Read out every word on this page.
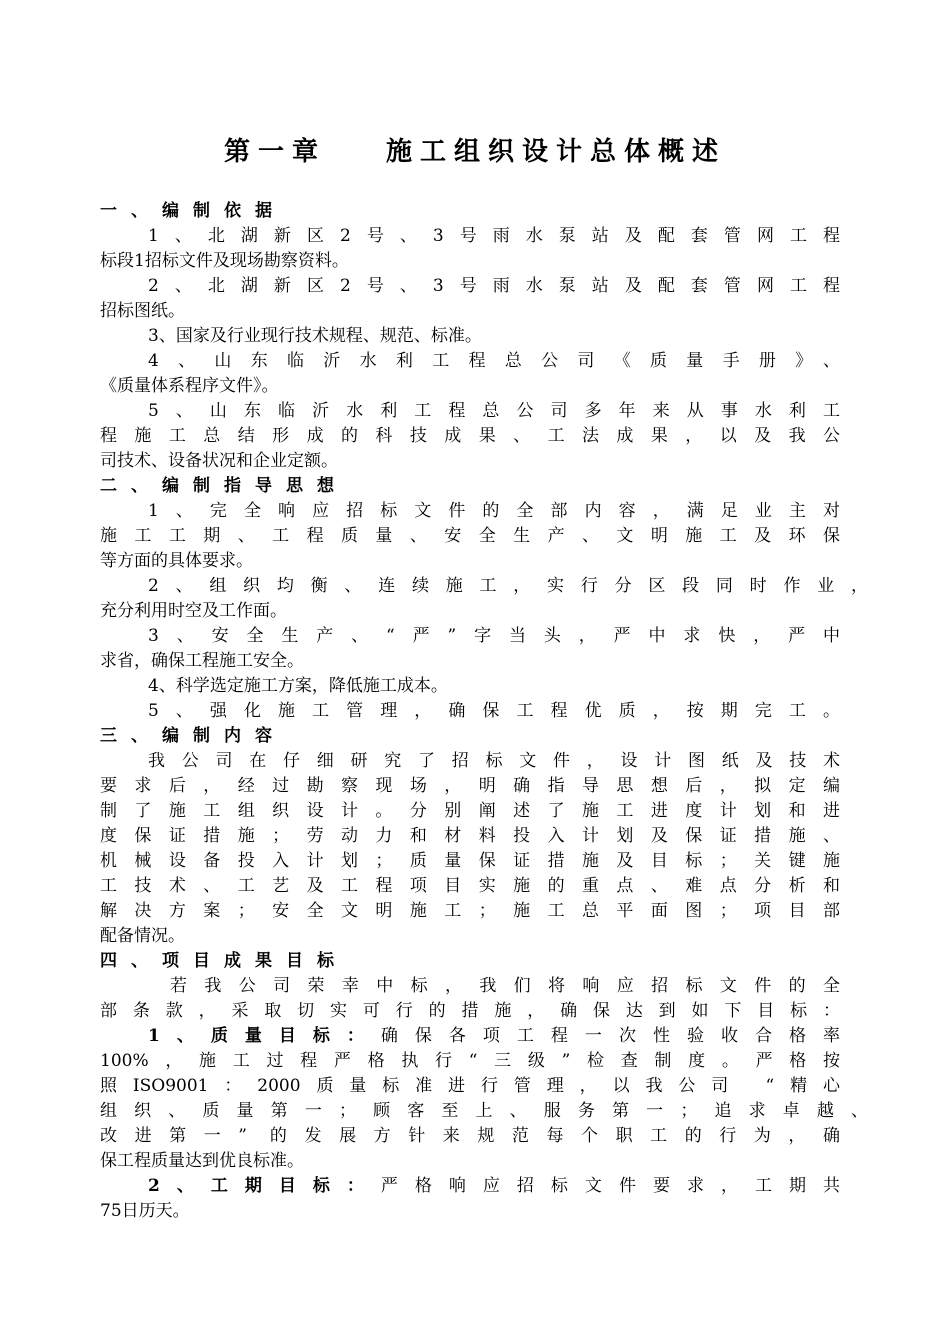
第一章 施工组织设计总体概述
一、编制依据
1、北湖新区2号、3号雨水泵站及配套管网工程
标段1招标文件及现场勘察资料。
2、北湖新区2号、3号雨水泵站及配套管网工程
招标图纸。
3、国家及行业现行技术规程、规范、标准。
4、山东临沂水利工程总公司《质量手册》、
《质量体系程序文件》。
5、山东临沂水利工程总公司多年来从事水利工
程施工总结形成的科技成果、工法成果，以及我公
司技术、设备状况和企业定额。
二、编制指导思想
1、完全响应招标文件的全部内容，满足业主对
施工工期、工程质量、安全生产、文明施工及环保
等方面的具体要求。
2、组织均衡、连续施工，实行分区段同时作业，
充分利用时空及工作面。
3、安全生产、“严”字当头，严中求快，严中
求省，确保工程施工安全。
4、科学选定施工方案，降低施工成本。
5、强化施工管理，确保工程优质，按期完工。
三、编制内容
我公司在仔细研究了招标文件，设计图纸及技术
要求后，经过勘察现场，明确指导思想后，拟定编
制了施工组织设计。分别阐述了施工进度计划和进
度保证措施；劳动力和材料投入计划及保证措施、
机械设备投入计划；质量保证措施及目标；关键施
工技术、工艺及工程项目实施的重点、难点分析和
解决方案；安全文明施工；施工总平面图；项目部
配备情况。
四、项目成果目标
若我公司荣幸中标，我们将响应招标文件的全
部条款，采取切实可行的措施，确保达到如下目标：
1、质量目标：确保各项工程一次性验收合格率
100%，施工过程严格执行“三级”检查制度。严格按
照ISO9001：2000质量标准进行管理，以我公司 “精心
组织、质量第一；顾客至上、服务第一；追求卓越、
改进第一” 的发展方针来规范每个职工的行为，确
保工程质量达到优良标准。
2、工期目标：严格响应招标文件要求，工期共
75日历天。
